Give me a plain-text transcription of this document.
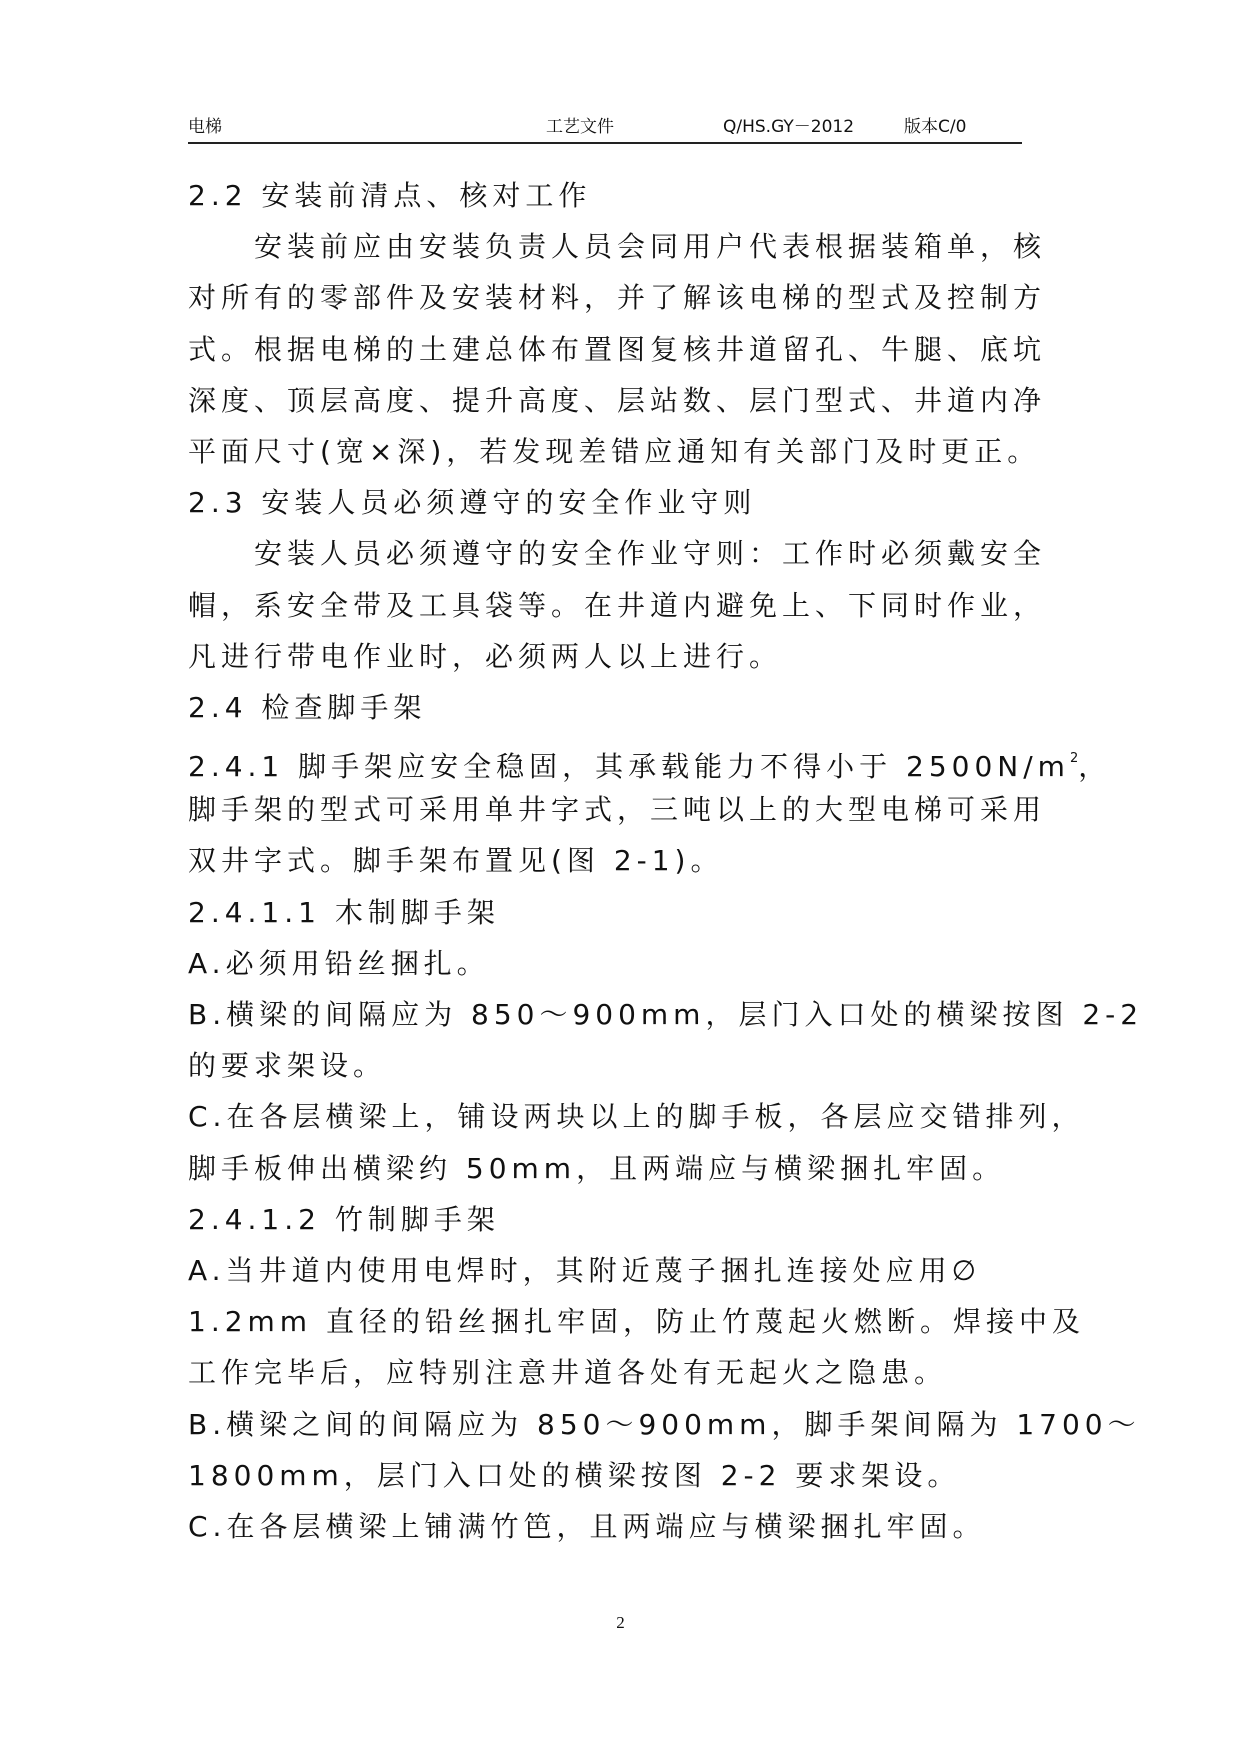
电梯	工艺文件	Q/HS.GY－2012	版本C/0
2.2 安装前清点、核对工作
安装前应由安装负责人员会同用户代表根据装箱单，核
对所有的零部件及安装材料，并了解该电梯的型式及控制方
式。根据电梯的土建总体布置图复核井道留孔、牛腿、底坑
深度、顶层高度、提升高度、层站数、层门型式、井道内净
平面尺寸(宽×深)，若发现差错应通知有关部门及时更正。
2.3 安装人员必须遵守的安全作业守则
安装人员必须遵守的安全作业守则：工作时必须戴安全
帽，系安全带及工具袋等。在井道内避免上、下同时作业，
凡进行带电作业时，必须两人以上进行。
2.4 检查脚手架
2.4.1 脚手架应安全稳固，其承载能力不得小于 $2500N/m^2$，
脚手架的型式可采用单井字式，三吨以上的大型电梯可采用
双井字式。脚手架布置见(图 2-1)。
2.4.1.1 木制脚手架
A.必须用铅丝捆扎。
B.横梁的间隔应为 850～900mm，层门入口处的横梁按图 2-2
的要求架设。
C.在各层横梁上，铺设两块以上的脚手板，各层应交错排列，
脚手板伸出横梁约 50mm，且两端应与横梁捆扎牢固。
2.4.1.2 竹制脚手架
A.当井道内使用电焊时，其附近蔑子捆扎连接处应用∅
1.2mm 直径的铅丝捆扎牢固，防止竹蔑起火燃断。焊接中及
工作完毕后，应特别注意井道各处有无起火之隐患。
B.横梁之间的间隔应为 850～900mm，脚手架间隔为 1700～
1800mm，层门入口处的横梁按图 2-2 要求架设。
C.在各层横梁上铺满竹笆，且两端应与横梁捆扎牢固。
2
